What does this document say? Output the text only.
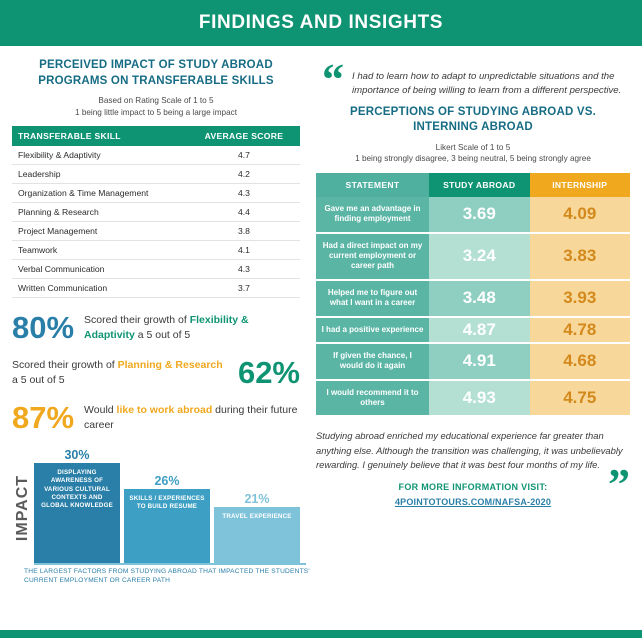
FINDINGS AND INSIGHTS
PERCEIVED IMPACT OF STUDY ABROAD PROGRAMS ON TRANSFERABLE SKILLS
Based on Rating Scale of 1 to 5
1 being little impact to 5 being a large impact
TRANSFERABLE SKILL	AVERAGE SCORE
Flexibility & Adaptivity	4.7
Leadership	4.2
Organization & Time Management	4.3
Planning & Research	4.4
Project Management	3.8
Teamwork	4.1
Verbal Communication	4.3
Written Communication	3.7
80% Scored their growth of Flexibility & Adaptivity a 5 out of 5
Scored their growth of Planning & Research a 5 out of 5	62%
87% Would like to work abroad during their future career
IMPACT
30%
DISPLAYING AWARENESS OF VARIOUS CULTURAL CONTEXTS AND GLOBAL KNOWLEDGE
26%
SKILLS / EXPERIENCES TO BUILD RESUME
21%
TRAVEL EXPERIENCE
THE LARGEST FACTORS FROM STUDYING ABROAD THAT IMPACTED THE STUDENTS' CURRENT EMPLOYMENT OR CAREER PATH
“ I had to learn how to adapt to unpredictable situations and the importance of being willing to learn from a different perspective.
PERCEPTIONS OF STUDYING ABROAD VS. INTERNING ABROAD
Likert Scale of 1 to 5
1 being strongly disagree, 3 being neutral, 5 being strongly agree
STATEMENT	STUDY ABROAD	INTERNSHIP
Gave me an advantage in finding employment	3.69	4.09
Had a direct impact on my current employment or career path	3.24	3.83
Helped me to figure out what I want in a career	3.48	3.93
I had a positive experience	4.87	4.78
If given the chance, I would do it again	4.91	4.68
I would recommend it to others	4.93	4.75
Studying abroad enriched my educational experience far greater than anything else. Although the transition was challenging, it was unbelievably rewarding. I genuinely believe that it was best four months of my life. ”
FOR MORE INFORMATION VISIT:
4POINTOTOURS.COM/NAFSA-2020
